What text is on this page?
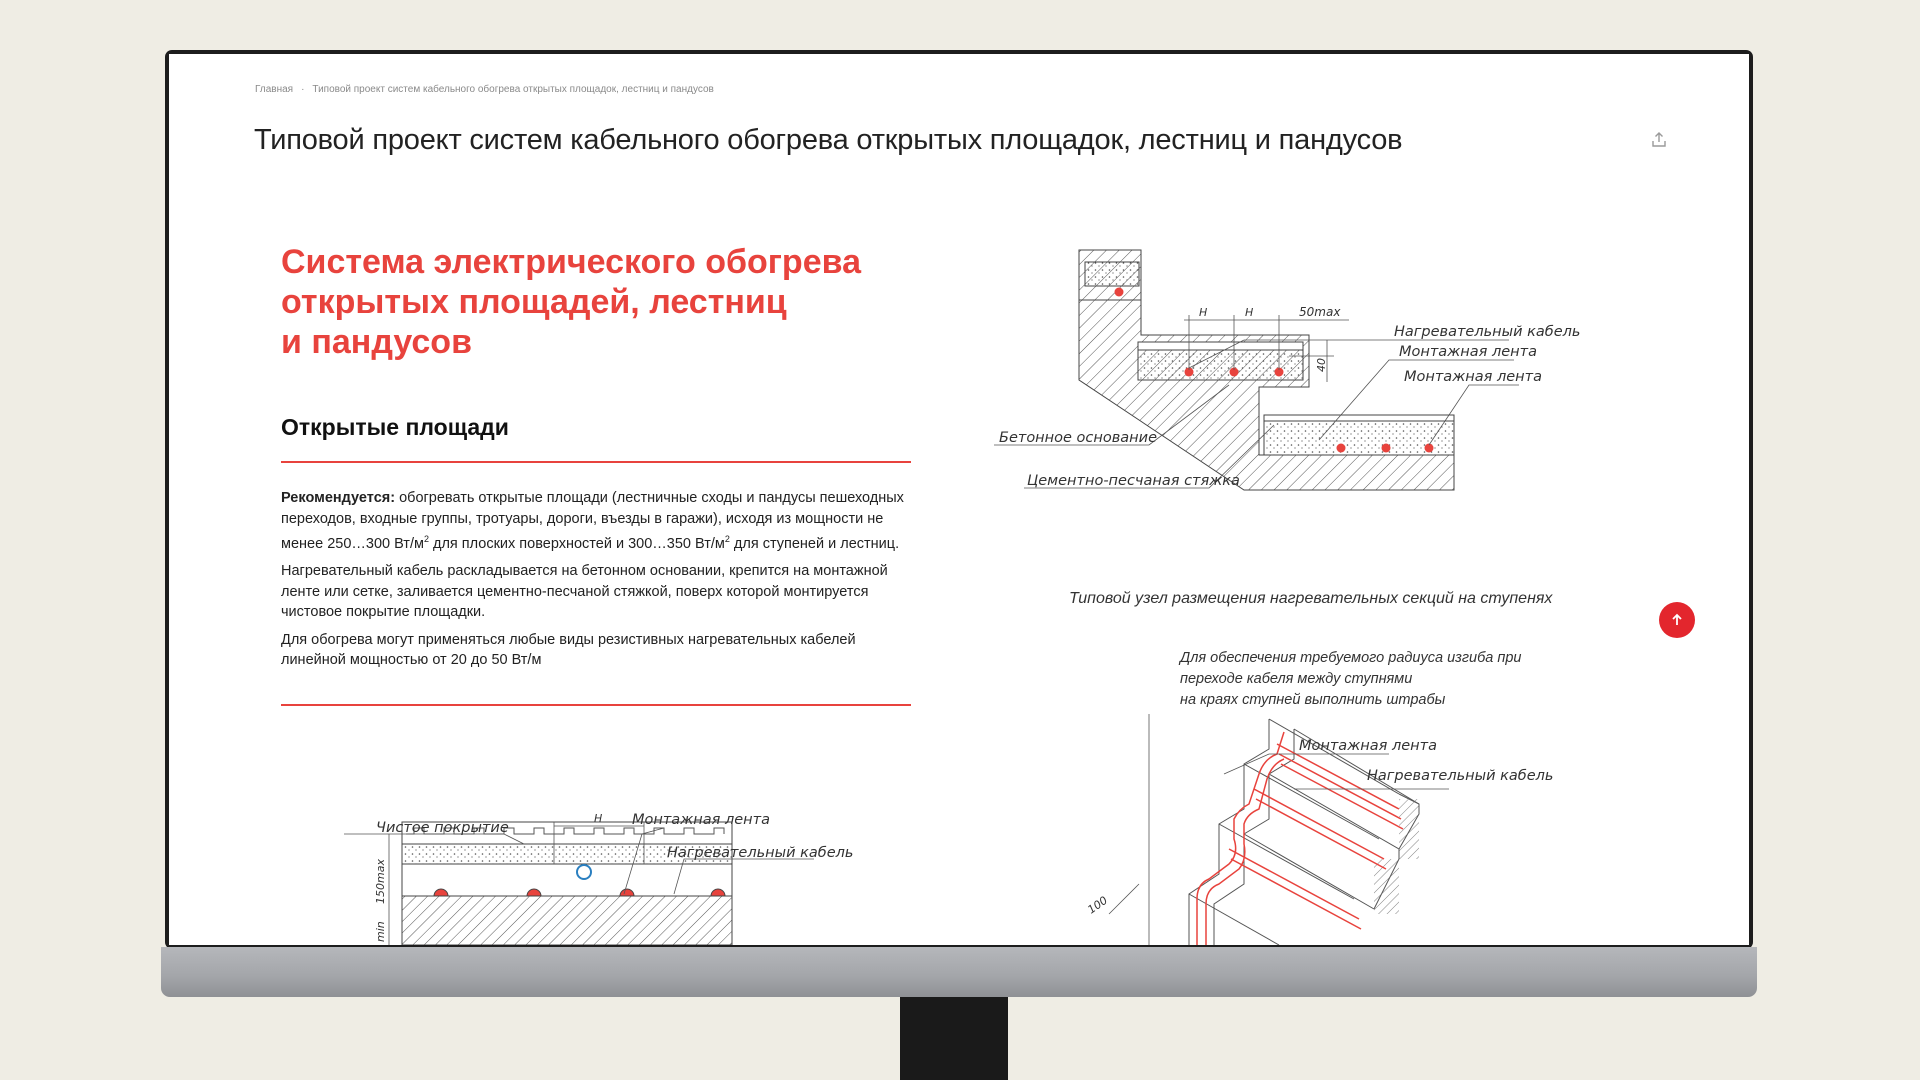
Главная · Типовой проект систем кабельного обогрева открытых площадок, лестниц и пандусов
Типовой проект систем кабельного обогрева открытых площадок, лестниц и пандусов
Система электрического обогрева
открытых площадей, лестниц
и пандусов
Открытые площади

Рекомендуется: обогревать открытые площади (лестничные сходы и пандусы пешеходных переходов, входные группы, тротуары, дороги, въезды в гаражи), исходя из мощности не менее 250…300 $Вт/м^2$ для плоских поверхностей и 300…350 $Вт/м^2$ для ступеней и лестниц.

Нагревательный кабель раскладывается на бетонном основании, крепится на монтажной ленте или сетке, заливается цементно-песчаной стяжкой, поверх которой монтируется чистовое покрытие площадки.

Для обогрева могут применяться любые виды резистивных нагревательных кабелей линейной мощностью от 20 до 50 Вт/м

H	H	50max
40
Нагревательный кабель
Монтажная лента
Монтажная лента
Бетонное основание
Цементно-песчаная стяжка
Типовой узел размещения нагревательных секций на ступенях
Чистое покрытие	Монтажная лента
Нагревательный кабель
H
150max
min
Для обеспечения требуемого радиуса изгиба при
переходе кабеля между ступнями
на краях ступней выполнить штрабы
Монтажная лента
Нагревательный кабель
100
